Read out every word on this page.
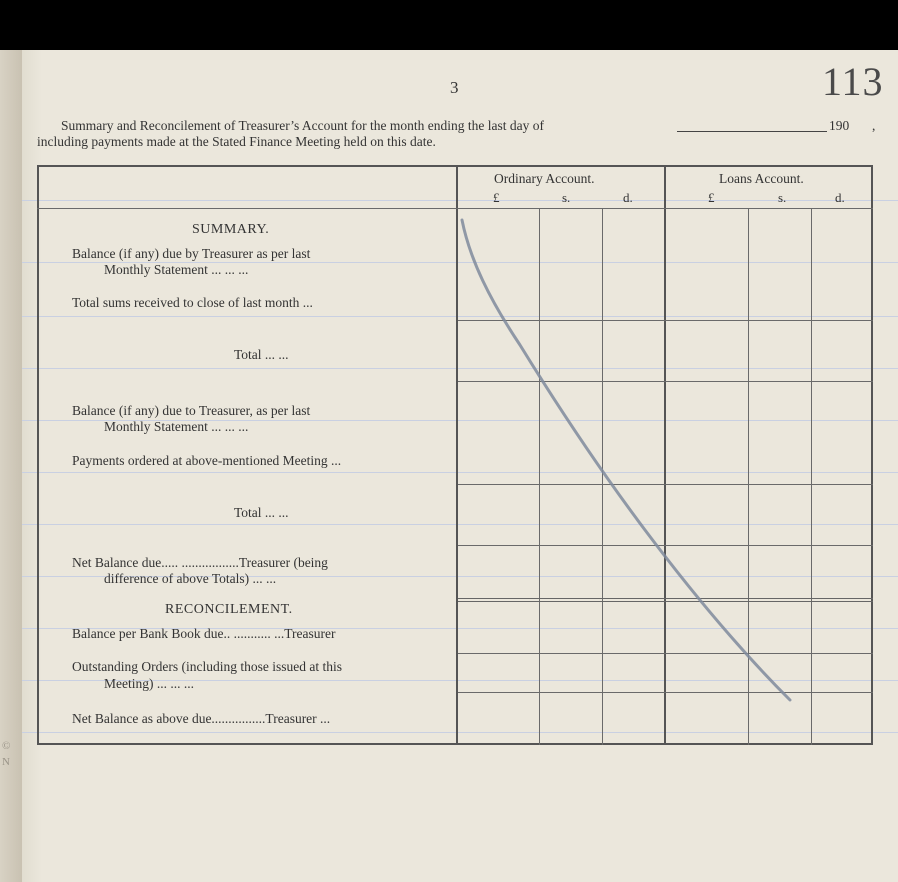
©
N
3	113
Summary and Reconcilement of Treasurer’s Account for the month ending the last day of	190 ,
including payments made at the Stated Finance Meeting held on this date.
Ordinary Account.	Loans Account.
£	s.	d.	£	s.	d.
SUMMARY.
Balance (if any) due by Treasurer as per last
Monthly Statement ... ... ...
Total sums received to close of last month ...
Total ... ...
Balance (if any) due to Treasurer, as per last
Monthly Statement ... ... ...
Payments ordered at above-mentioned Meeting ...
Total ... ...
Net Balance due..... .................Treasurer (being
difference of above Totals) ... ...
RECONCILEMENT.
Balance per Bank Book due.. ........... ...Treasurer
Outstanding Orders (including those issued at this
Meeting) ... ... ...
Net Balance as above due................Treasurer ...
